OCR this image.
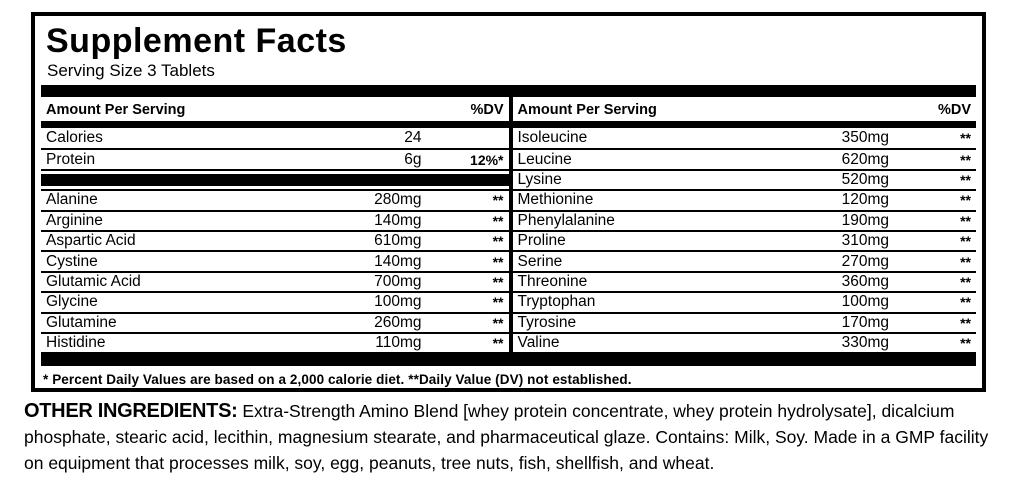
Supplement Facts
Serving Size 3 Tablets
Amount Per Serving	%DV
Calories	24
Protein	6g	12%*
Alanine	280mg	**
Arginine	140mg	**
Aspartic Acid	610mg	**
Cystine	140mg	**
Glutamic Acid	700mg	**
Glycine	100mg	**
Glutamine	260mg	**
Histidine	110mg	**
Amount Per Serving	%DV
Isoleucine	350mg	**
Leucine	620mg	**
Lysine	520mg	**
Methionine	120mg	**
Phenylalanine	190mg	**
Proline	310mg	**
Serine	270mg	**
Threonine	360mg	**
Tryptophan	100mg	**
Tyrosine	170mg	**
Valine	330mg	**
* Percent Daily Values are based on a 2,000 calorie diet. **Daily Value (DV) not established.
OTHER INGREDIENTS: Extra-Strength Amino Blend [whey protein concentrate, whey protein hydrolysate], dicalcium phosphate, stearic acid, lecithin, magnesium stearate, and pharmaceutical glaze. Contains: Milk, Soy. Made in a GMP facility on equipment that processes milk, soy, egg, peanuts, tree nuts, fish, shellfish, and wheat.
